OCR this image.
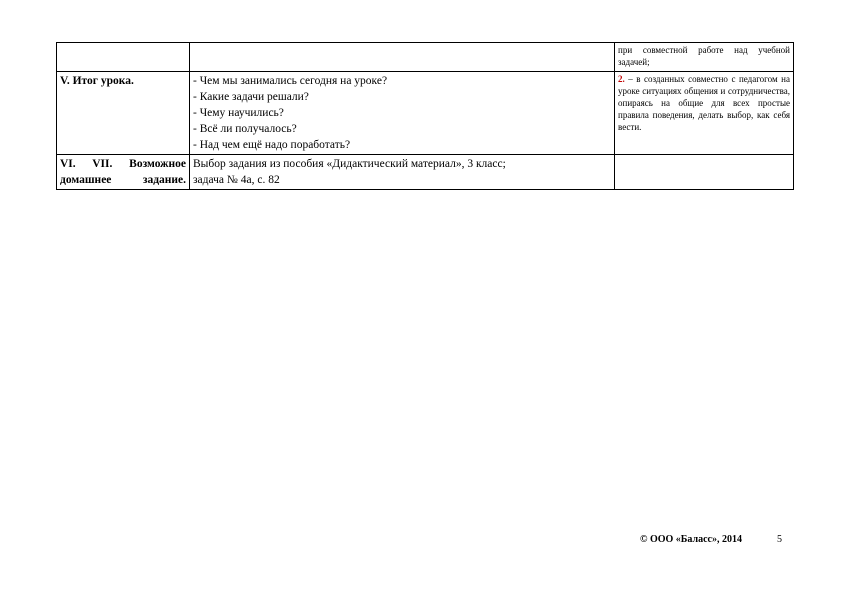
		при совместной работе над учебной задачей;
V. Итог урока.	- Чем мы занимались сегодня на уроке?
- Какие задачи решали?
- Чему научились?
- Всё ли получалось?
- Над чем ещё надо поработать?	2. – в созданных совместно с педагогом на уроке ситуациях общения и сотрудничества, опираясь на общие для всех простые правила поведения, делать выбор, как себя вести.

VI. VII. Возможное домашнее задание.	Выбор задания из пособия «Дидактический материал», 3 класс;
задача № 4а, с. 82	

© ООО «Баласс», 2014	5
